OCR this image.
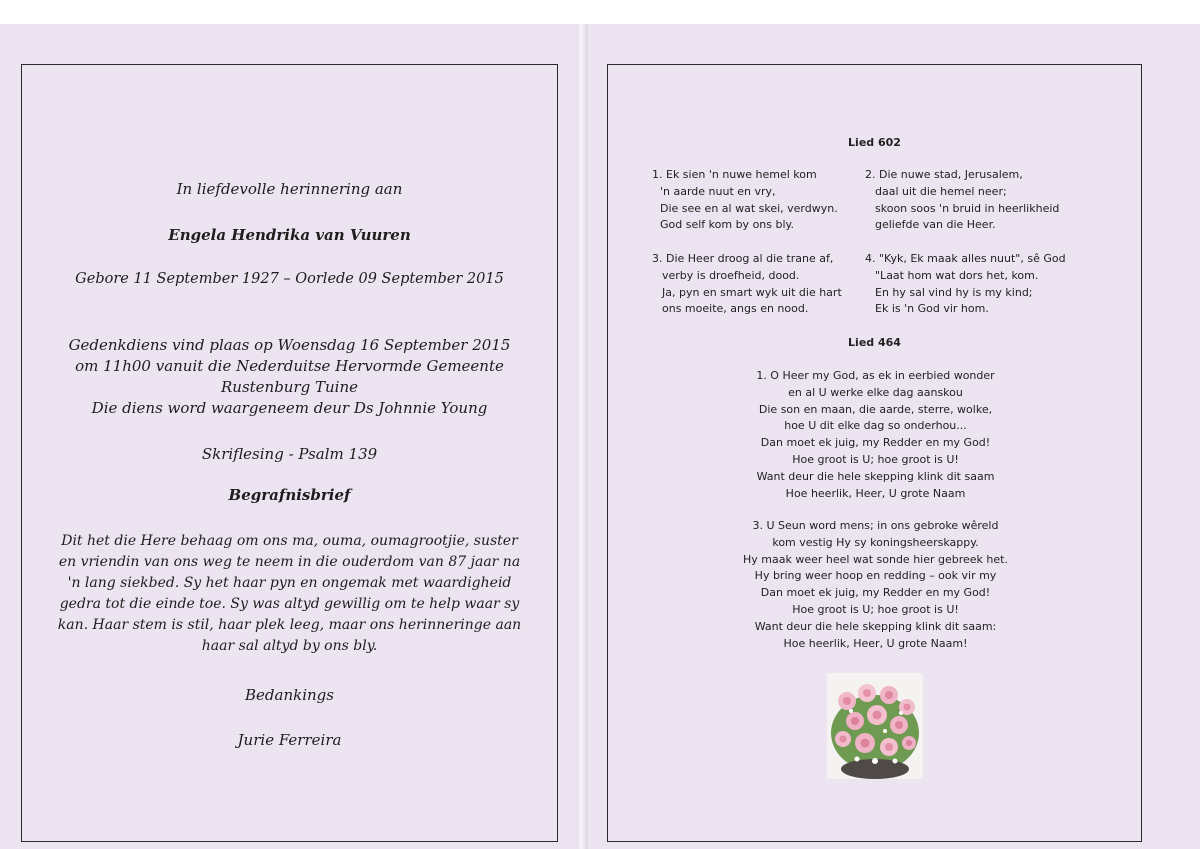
In liefdevolle herinnering aan
Engela Hendrika van Vuuren
Gebore 11 September 1927 – Oorlede 09 September 2015
Gedenkdiens vind plaas op Woensdag 16 September 2015
om 11h00 vanuit die Nederduitse Hervormde Gemeente
Rustenburg Tuine
Die diens word waargeneem deur Ds Johnnie Young
Skriflesing - Psalm 139
Begrafnisbrief
Dit het die Here behaag om ons ma, ouma, oumagrootjie, suster
en vriendin van ons weg te neem in die ouderdom van 87 jaar na
'n lang siekbed. Sy het haar pyn en ongemak met waardigheid
gedra tot die einde toe. Sy was altyd gewillig om te help waar sy
kan. Haar stem is stil, haar plek leeg, maar ons herinneringe aan
haar sal altyd by ons bly.
Bedankings
Jurie Ferreira
Lied 602
1. Ek sien 'n nuwe hemel kom
'n aarde nuut en vry,
Die see en al wat skei, verdwyn.
God self kom by ons bly.
2. Die nuwe stad, Jerusalem,
daal uit die hemel neer;
skoon soos 'n bruid in heerlikheid
geliefde van die Heer.
3. Die Heer droog al die trane af,
verby is droefheid, dood.
Ja, pyn en smart wyk uit die hart
ons moeite, angs en nood.
4. "Kyk, Ek maak alles nuut", sê God
"Laat hom wat dors het, kom.
En hy sal vind hy is my kind;
Ek is 'n God vir hom.
Lied 464
1. O Heer my God, as ek in eerbied wonder
en al U werke elke dag aanskou
Die son en maan, die aarde, sterre, wolke,
hoe U dit elke dag so onderhou...
Dan moet ek juig, my Redder en my God!
Hoe groot is U; hoe groot is U!
Want deur die hele skepping klink dit saam
Hoe heerlik, Heer, U grote Naam
3. U Seun word mens; in ons gebroke wêreld
kom vestig Hy sy koningsheerskappy.
Hy maak weer heel wat sonde hier gebreek het.
Hy bring weer hoop en redding – ook vir my
Dan moet ek juig, my Redder en my God!
Hoe groot is U; hoe groot is U!
Want deur die hele skepping klink dit saam:
Hoe heerlik, Heer, U grote Naam!
